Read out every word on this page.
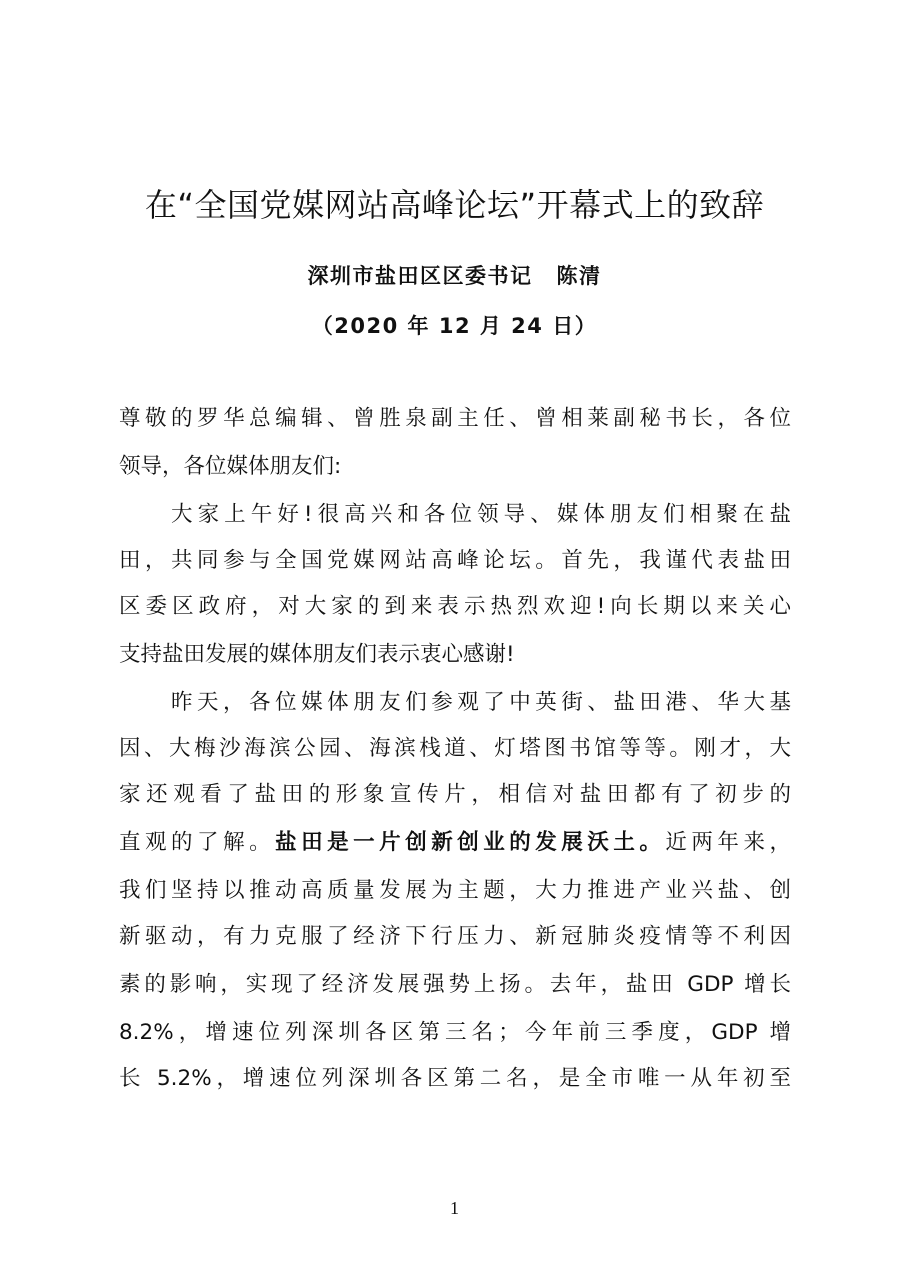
在“全国党媒网站高峰论坛”开幕式上的致辞
深圳市盐田区区委书记 陈清
（2020 年 12 月 24 日）
尊敬的罗华总编辑、曾胜泉副主任、曾相莱副秘书长，各位
领导，各位媒体朋友们:
大家上午好!很高兴和各位领导、媒体朋友们相聚在盐
田，共同参与全国党媒网站高峰论坛。首先，我谨代表盐田
区委区政府，对大家的到来表示热烈欢迎!向长期以来关心
支持盐田发展的媒体朋友们表示衷心感谢!
昨天，各位媒体朋友们参观了中英街、盐田港、华大基
因、大梅沙海滨公园、海滨栈道、灯塔图书馆等等。刚才，大
家还观看了盐田的形象宣传片，相信对盐田都有了初步的
直观的了解。盐田是一片创新创业的发展沃土。近两年来，
我们坚持以推动高质量发展为主题，大力推进产业兴盐、创
新驱动，有力克服了经济下行压力、新冠肺炎疫情等不利因
素的影响，实现了经济发展强势上扬。去年，盐田 GDP 增长
8.2%，增速位列深圳各区第三名；今年前三季度，GDP 增
长 5.2%，增速位列深圳各区第二名，是全市唯一从年初至
1
